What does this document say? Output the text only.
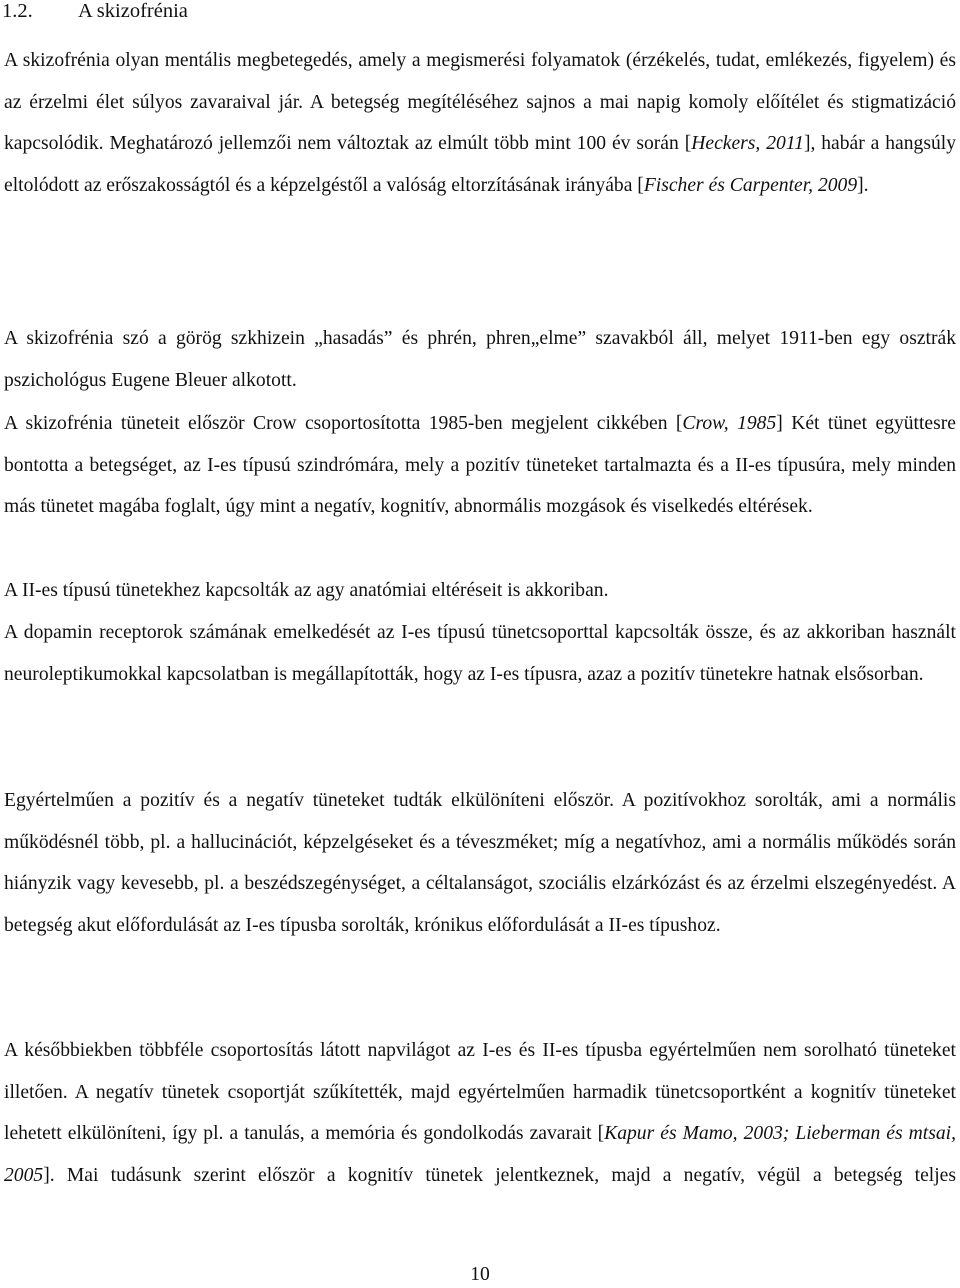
1.2. A skizofrénia

A skizofrénia olyan mentális megbetegedés, amely a megismerési folyamatok (érzékelés, tudat, emlékezés, figyelem) és az érzelmi élet súlyos zavaraival jár. A betegség megítéléséhez sajnos a mai napig komoly előítélet és stigmatizáció kapcsolódik. Meghatározó jellemzői nem változtak az elmúlt több mint 100 év során [Heckers, 2011], habár a hangsúly eltolódott az erőszakosságtól és a képzelgéstől a valóság eltorzításának irányába [Fischer és Carpenter, 2009].

A skizofrénia szó a görög szkhizein „hasadás” és phrén, phren„elme” szavakból áll, melyet 1911-ben egy osztrák pszichológus Eugene Bleuer alkotott.

A skizofrénia tüneteit először Crow csoportosította 1985-ben megjelent cikkében [Crow, 1985] Két tünet együttesre bontotta a betegséget, az I-es típusú szindrómára, mely a pozitív tüneteket tartalmazta és a II-es típusúra, mely minden más tünetet magába foglalt, úgy mint a negatív, kognitív, abnormális mozgások és viselkedés eltérések.

A II-es típusú tünetekhez kapcsolták az agy anatómiai eltéréseit is akkoriban.

A dopamin receptorok számának emelkedését az I-es típusú tünetcsoporttal kapcsolták össze, és az akkoriban használt neuroleptikumokkal kapcsolatban is megállapították, hogy az I-es típusra, azaz a pozitív tünetekre hatnak elsősorban.

Egyértelműen a pozitív és a negatív tüneteket tudták elkülöníteni először. A pozitívokhoz sorolták, ami a normális működésnél több, pl. a hallucinációt, képzelgéseket és a téveszméket; míg a negatívhoz, ami a normális működés során hiányzik vagy kevesebb, pl. a beszédszegénységet, a céltalanságot, szociális elzárkózást és az érzelmi elszegényedést. A betegség akut előfordulását az I-es típusba sorolták, krónikus előfordulását a II-es típushoz.

A későbbiekben többféle csoportosítás látott napvilágot az I-es és II-es típusba egyértelműen nem sorolható tüneteket illetően. A negatív tünetek csoportját szűkítették, majd egyértelműen harmadik tünetcsoportként a kognitív tüneteket lehetett elkülöníteni, így pl. a tanulás, a memória és gondolkodás zavarait [Kapur és Mamo, 2003; Lieberman és mtsai, 2005]. Mai tudásunk szerint először a kognitív tünetek jelentkeznek, majd a negatív, végül a betegség teljes

10
